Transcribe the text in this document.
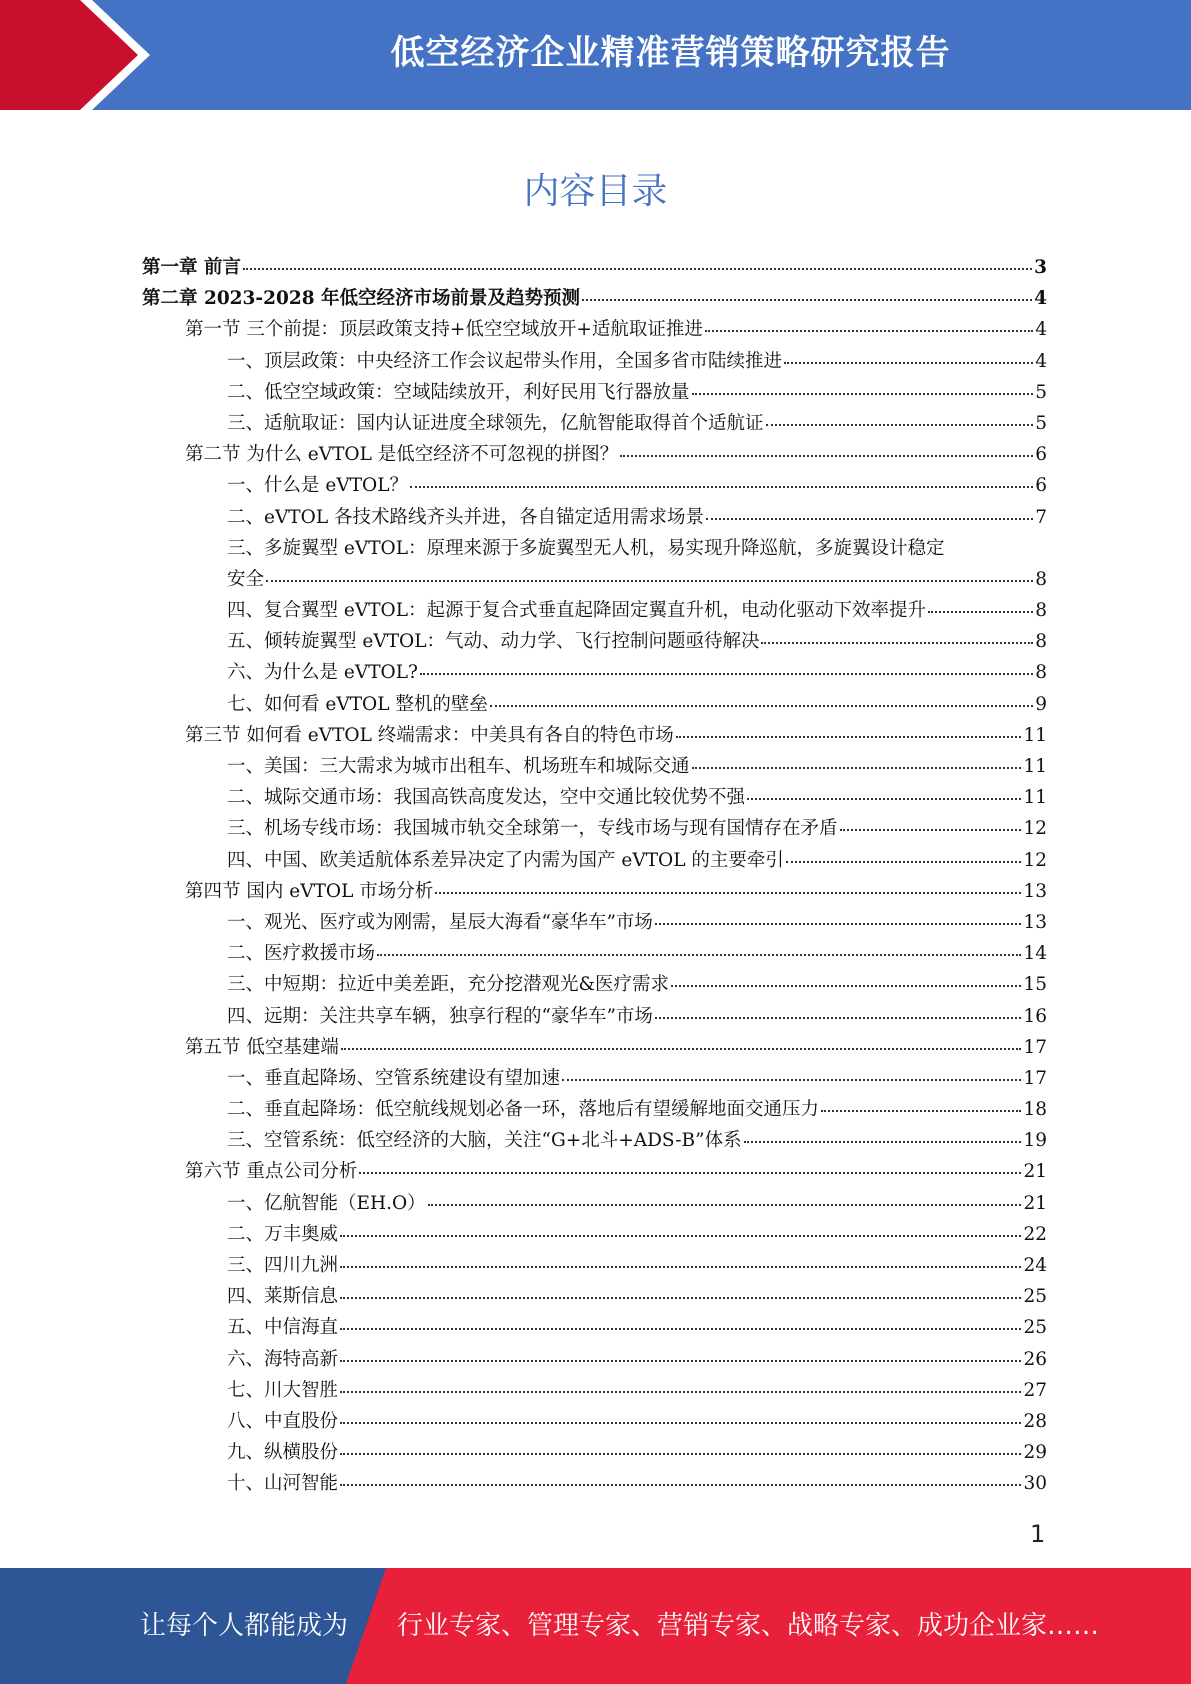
低空经济企业精准营销策略研究报告
内容目录
第一章 前言	3
第二章 2023-2028 年低空经济市场前景及趋势预测	4
第一节 三个前提：顶层政策支持+低空空域放开+适航取证推进	4
一、顶层政策：中央经济工作会议起带头作用，全国多省市陆续推进	4
二、低空空域政策：空域陆续放开，利好民用飞行器放量	5
三、适航取证：国内认证进度全球领先，亿航智能取得首个适航证	5
第二节 为什么 eVTOL 是低空经济不可忽视的拼图？	6
一、什么是 eVTOL？	6
二、eVTOL 各技术路线齐头并进，各自锚定适用需求场景	7
三、多旋翼型 eVTOL：原理来源于多旋翼型无人机，易实现升降巡航，多旋翼设计稳定
安全	8
四、复合翼型 eVTOL：起源于复合式垂直起降固定翼直升机，电动化驱动下效率提升	8
五、倾转旋翼型 eVTOL：气动、动力学、飞行控制问题亟待解决	8
六、为什么是 eVTOL?	8
七、如何看 eVTOL 整机的壁垒	9
第三节 如何看 eVTOL 终端需求：中美具有各自的特色市场	11
一、美国：三大需求为城市出租车、机场班车和城际交通	11
二、城际交通市场：我国高铁高度发达，空中交通比较优势不强	11
三、机场专线市场：我国城市轨交全球第一，专线市场与现有国情存在矛盾	12
四、中国、欧美适航体系差异决定了内需为国产 eVTOL 的主要牵引	12
第四节 国内 eVTOL 市场分析	13
一、观光、医疗或为刚需，星辰大海看“豪华车”市场	13
二、医疗救援市场	14
三、中短期：拉近中美差距，充分挖潜观光&医疗需求	15
四、远期：关注共享车辆，独享行程的“豪华车”市场	16
第五节 低空基建端	17
一、垂直起降场、空管系统建设有望加速	17
二、垂直起降场：低空航线规划必备一环，落地后有望缓解地面交通压力	18
三、空管系统：低空经济的大脑，关注“G+北斗+ADS-B”体系	19
第六节 重点公司分析	21
一、亿航智能（EH.O）	21
二、万丰奥威	22
三、四川九洲	24
四、莱斯信息	25
五、中信海直	25
六、海特高新	26
七、川大智胜	27
八、中直股份	28
九、纵横股份	29
十、山河智能	30
1
让每个人都能成为 行业专家、管理专家、营销专家、战略专家、成功企业家……
